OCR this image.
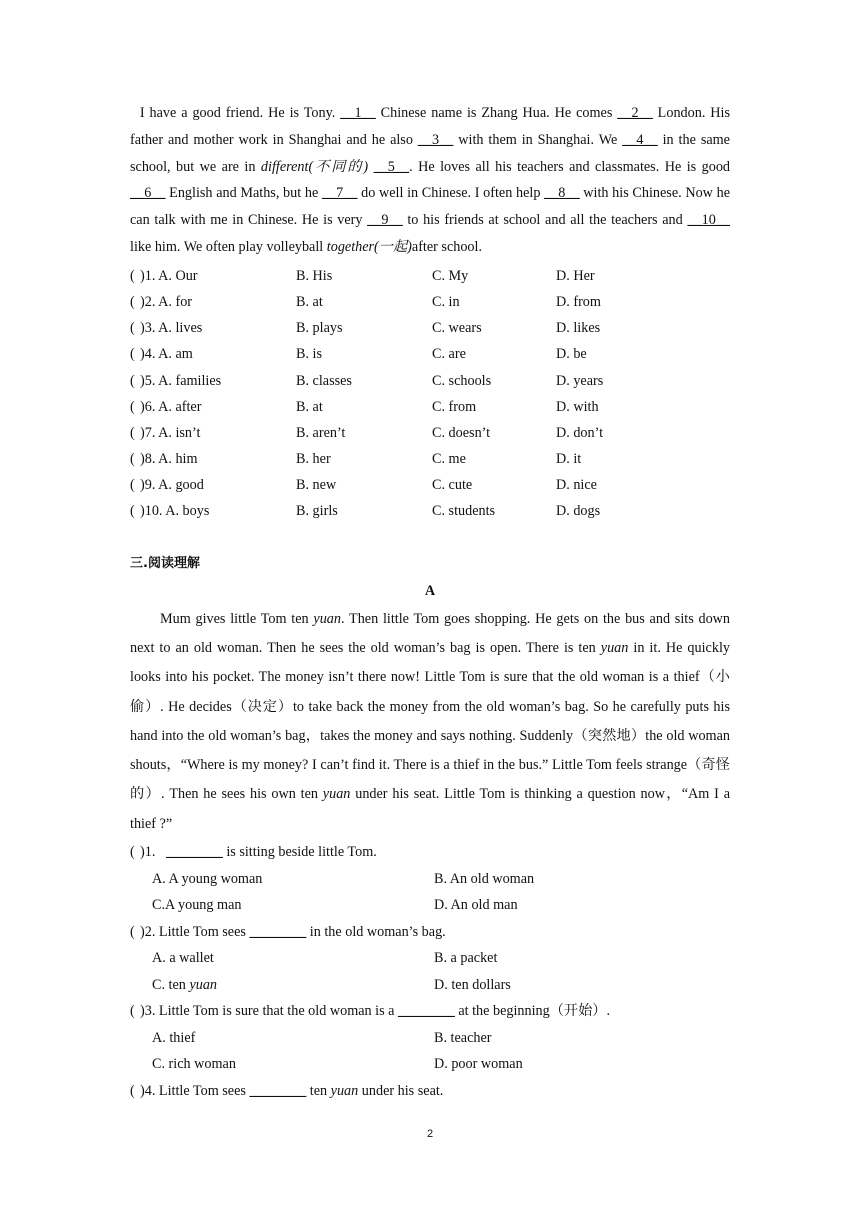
I have a good friend. He is Tony. __1__ Chinese name is Zhang Hua. He comes __2__ London. His father and mother work in Shanghai and he also __3__ with them in Shanghai. We __4__ in the same school, but we are in different(不同的) __5__. He loves all his teachers and classmates. He is good __6__ English and Maths, but he __7__ do well in Chinese. I often help __8__ with his Chinese. Now he can talk with me in Chinese. He is very __9__ to his friends at school and all the teachers and __10__ like him. We often play volleyball together(一起)after school.

( )1. A. Our	B. His	C. My	D. Her
( )2. A. for	B. at	C. in	D. from
( )3. A. lives	B. plays	C. wears	D. likes
( )4. A. am	B. is	C. are	D. be
( )5. A. families	B. classes	C. schools	D. years
( )6. A. after	B. at	C. from	D. with
( )7. A. isn’t	B. aren’t	C. doesn’t	D. don’t
( )8. A. him	B. her	C. me	D. it
( )9. A. good	B. new	C. cute	D. nice
( )10. A. boys	B. girls	C. students	D. dogs
三.阅读理解
A

Mum gives little Tom ten yuan. Then little Tom goes shopping. He gets on the bus and sits down next to an old woman. Then he sees the old woman’s bag is open. There is ten yuan in it. He quickly looks into his pocket. The money isn’t there now! Little Tom is sure that the old woman is a thief（小偷）. He decides（决定）to take back the money from the old woman’s bag. So he carefully puts his hand into the old woman’s bag，takes the money and says nothing. Suddenly（突然地）the old woman shouts，“Where is my money? I can’t find it. There is a thief in the bus.” Little Tom feels strange（奇怪的）. Then he sees his own ten yuan under his seat. Little Tom is thinking a question now，“Am I a thief ?”

( )1. ________ is sitting beside little Tom.
A. A young woman	B. An old woman
C.A young man	D. An old man
( )2. Little Tom sees ________ in the old woman’s bag.
A. a wallet	B. a packet
C. ten yuan	D. ten dollars
( )3. Little Tom is sure that the old woman is a ________ at the beginning（开始）.
A. thief	B. teacher
C. rich woman	D. poor woman
( )4. Little Tom sees ________ ten yuan under his seat.
2
